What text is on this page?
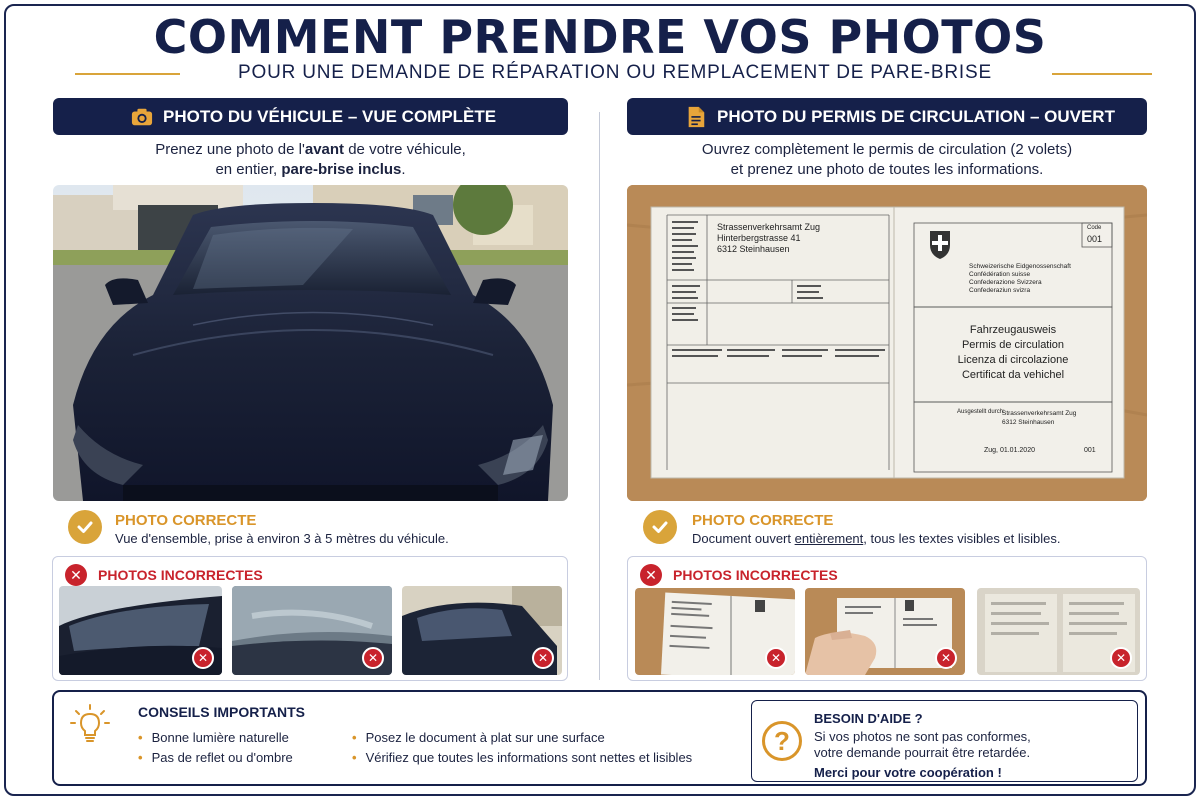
COMMENT PRENDRE VOS PHOTOS
POUR UNE DEMANDE DE RÉPARATION OU REMPLACEMENT DE PARE-BRISE
PHOTO DU VÉHICULE – VUE COMPLÈTE
Prenez une photo de l'avant de votre véhicule,
en entier, pare-brise inclus.
PHOTO CORRECTE
Vue d'ensemble, prise à environ 3 à 5 mètres du véhicule.
✕	PHOTOS INCORRECTES
✕	✕	✕
PHOTO DU PERMIS DE CIRCULATION – OUVERT
Ouvrez complètement le permis de circulation (2 volets)
et prenez une photo de toutes les informations.
Strassenverkehrsamt Zug
Hinterbergstrasse 41
6312 Steinhausen
Code
001
Schweizerische Eidgenossenschaft
Confédération suisse
Confederazione Svizzera
Confederaziun svizra
Fahrzeugausweis
Permis de circulation
Licenza di circolazione
Certificat da vehichel
Ausgestellt durch:
Strassenverkehrsamt Zug
6312 Steinhausen
Zug, 01.01.2020	001
PHOTO CORRECTE
Document ouvert entièrement, tous les textes visibles et lisibles.
✕	PHOTOS INCORRECTES
✕	✕	✕
CONSEILS IMPORTANTS
• Bonne lumière naturelle
• Pas de reflet ou d'ombre
• Posez le document à plat sur une surface
• Vérifiez que toutes les informations sont nettes et lisibles
?
BESOIN D'AIDE ?
Si vos photos ne sont pas conformes,
votre demande pourrait être retardée.
Merci pour votre coopération !
